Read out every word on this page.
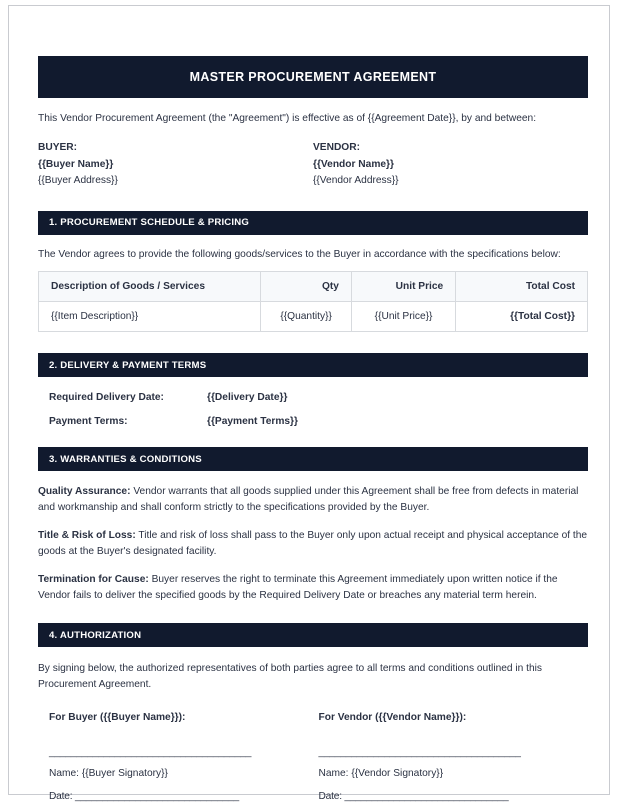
MASTER PROCUREMENT AGREEMENT
This Vendor Procurement Agreement (the "Agreement") is effective as of {{Agreement Date}}, by and between:
BUYER:
{{Buyer Name}}
{{Buyer Address}}
VENDOR:
{{Vendor Name}}
{{Vendor Address}}
1. PROCUREMENT SCHEDULE & PRICING
The Vendor agrees to provide the following goods/services to the Buyer in accordance with the specifications below:
Description of Goods / Services	Qty	Unit Price	Total Cost
{{Item Description}}	{{Quantity}}	{{Unit Price}}	{{Total Cost}}
2. DELIVERY & PAYMENT TERMS
Required Delivery Date:	{{Delivery Date}}
Payment Terms:	{{Payment Terms}}
3. WARRANTIES & CONDITIONS
Quality Assurance: Vendor warrants that all goods supplied under this Agreement shall be free from defects in material and workmanship and shall conform strictly to the specifications provided by the Buyer.
Title & Risk of Loss: Title and risk of loss shall pass to the Buyer only upon actual receipt and physical acceptance of the goods at the Buyer's designated facility.
Termination for Cause: Buyer reserves the right to terminate this Agreement immediately upon written notice if the Vendor fails to deliver the specified goods by the Required Delivery Date or breaches any material term herein.
4. AUTHORIZATION
By signing below, the authorized representatives of both parties agree to all terms and conditions outlined in this Procurement Agreement.
For Buyer ({{Buyer Name}}):
_____________________________________
Name: {{Buyer Signatory}}
Date: ______________________________
For Vendor ({{Vendor Name}}):
_____________________________________
Name: {{Vendor Signatory}}
Date: ______________________________
